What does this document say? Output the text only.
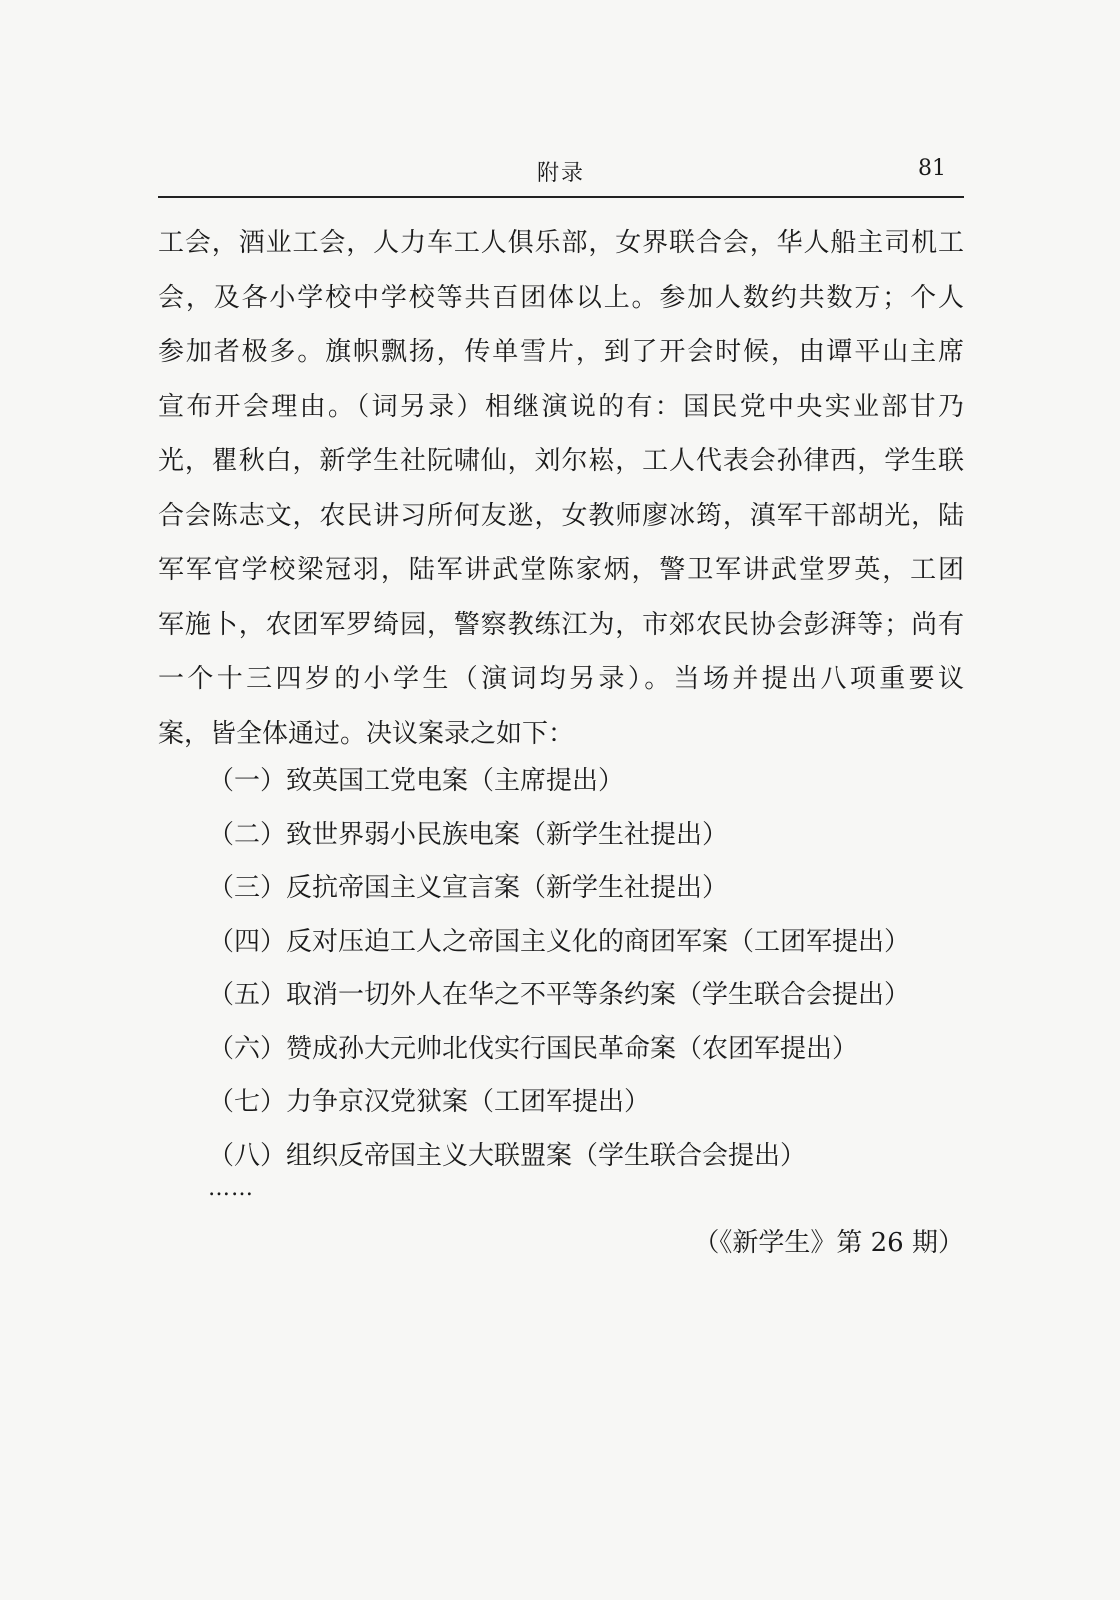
附录	81
工会，酒业工会，人力车工人俱乐部，女界联合会，华人船主司机工
会，及各小学校中学校等共百团体以上。参加人数约共数万；个人
参加者极多。旗帜飘扬，传单雪片，到了开会时候，由谭平山主席
宣布开会理由。（词另录）相继演说的有：国民党中央实业部甘乃
光，瞿秋白，新学生社阮啸仙，刘尔崧，工人代表会孙律西，学生联
合会陈志文，农民讲习所何友逖，女教师廖冰筠，滇军干部胡光，陆
军军官学校梁冠羽，陆军讲武堂陈家炳，警卫军讲武堂罗英，工团
军施卜，农团军罗绮园，警察教练江为，市郊农民协会彭湃等；尚有
一个十三四岁的小学生（演词均另录）。当场并提出八项重要议
案，皆全体通过。决议案录之如下：
（一）致英国工党电案（主席提出）
（二）致世界弱小民族电案（新学生社提出）
（三）反抗帝国主义宣言案（新学生社提出）
（四）反对压迫工人之帝国主义化的商团军案（工团军提出）
（五）取消一切外人在华之不平等条约案（学生联合会提出）
（六）赞成孙大元帅北伐实行国民革命案（农团军提出）
（七）力争京汉党狱案（工团军提出）
（八）组织反帝国主义大联盟案（学生联合会提出）
……
（《新学生》第 26 期）
